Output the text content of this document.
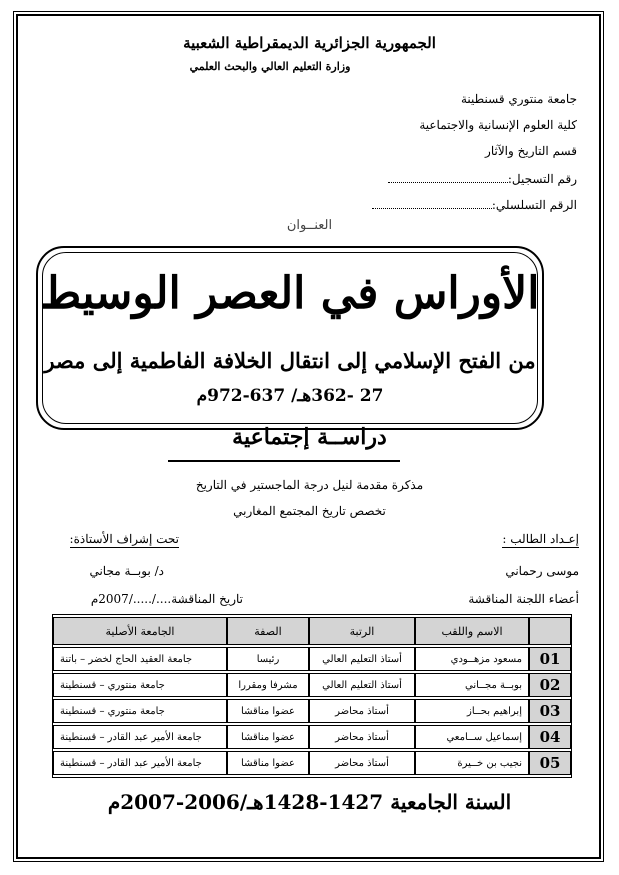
الجمهورية الجزائرية الديمقراطية الشعبية
وزارة التعليم العالي والبحث العلمي
جامعة منتوري قسنطينة
كلية العلوم الإنسانية والاجتماعية
قسم التاريخ والآثار
رقم التسجيل:
الرقم التسلسلي:
العنــوان
الأوراس في العصر الوسيط
من الفتح الإسلامي إلى انتقال الخلافة الفاطمية إلى مصر
27 -362هـ/ 637-972م
دراســة إجتماعية
مذكرة مقدمة لنيل درجة الماجستير في التاريخ
تخصص تاريخ المجتمع المغاربي
إعـداد الطالب :
تحت إشراف الأستاذة:
موسى رحماني
د/ بوبــة مجاني
أعضاء اللجنة المناقشة
تاريخ المناقشة..../...../2007م
	الاسم واللقب	الرتبة	الصفة	الجامعة الأصلية
01	مسعود مزهــودي	أستاذ التعليم العالي	رئيسا	جامعة العقيد الحاج لخضر – باتنة
02	بوبــة مجــاني	أستاذ التعليم العالي	مشرفا ومقررا	جامعة منتوري – قسنطينة
03	إبراهيم بحــاز	أستاذ محاضر	عضوا مناقشا	جامعة منتوري – قسنطينة
04	إسماعيل ســامعي	أستاذ محاضر	عضوا مناقشا	جامعة الأمير عبد القادر – قسنطينة
05	نجيب بن خــيرة	أستاذ محاضر	عضوا مناقشا	جامعة الأمير عبد القادر – قسنطينة
السنة الجامعية 1427-1428هـ/2006-2007م
